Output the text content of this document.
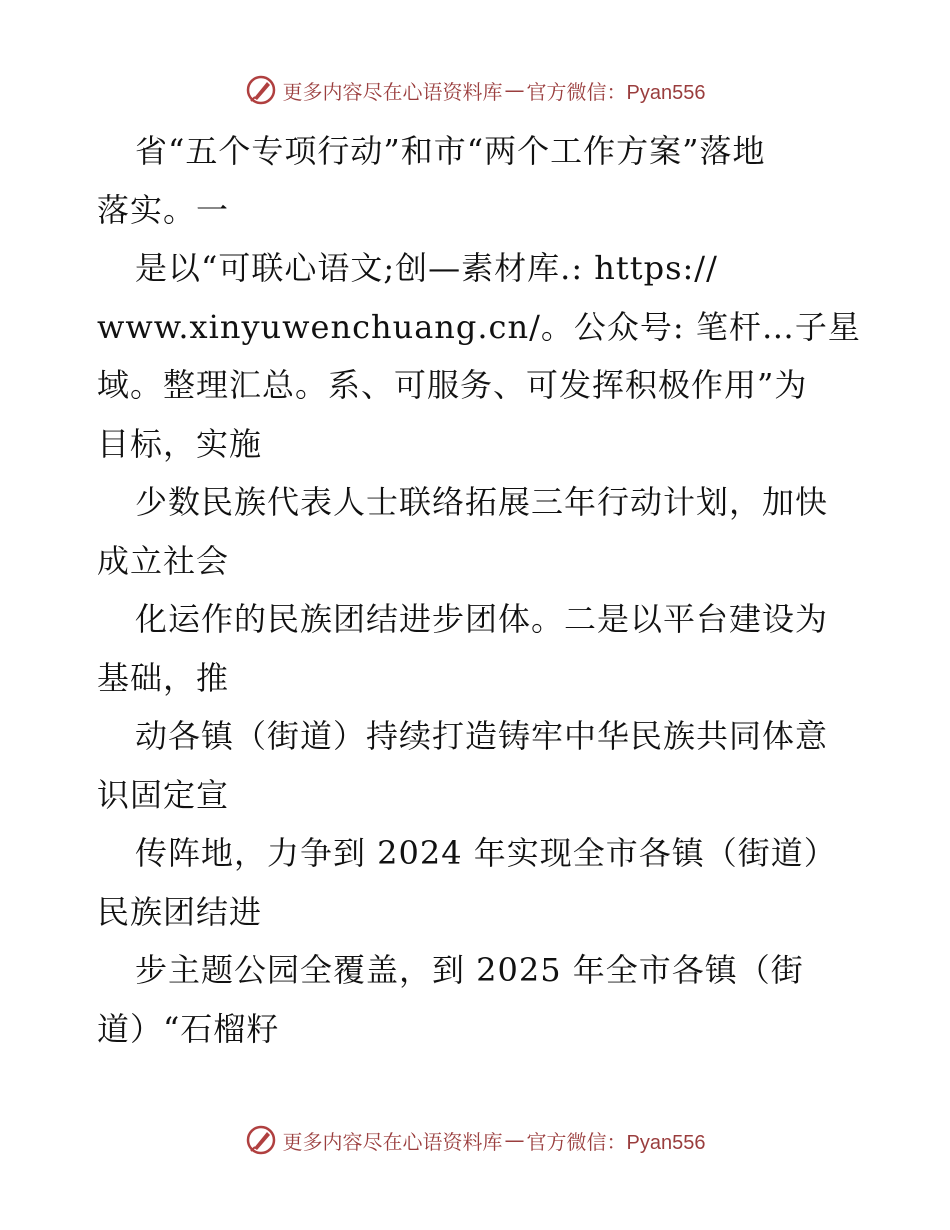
更多内容尽在心语资料库 — 官方微信：Pyan556
省“五个专项行动”和市“两个工作方案”落地
落实。一
是以“可联心语文;创—素材库.: https://
www.xinyuwenchuang.cn/。公众号: 笔杆…子星
域。整理汇总。系、可服务、可发挥积极作用”为
目标，实施
少数民族代表人士联络拓展三年行动计划，加快
成立社会
化运作的民族团结进步团体。二是以平台建设为
基础，推
动各镇（街道）持续打造铸牢中华民族共同体意
识固定宣
传阵地，力争到 2024 年实现全市各镇（街道）
民族团结进
步主题公园全覆盖，到 2025 年全市各镇（街
道）“石榴籽
更多内容尽在心语资料库 — 官方微信：Pyan556
